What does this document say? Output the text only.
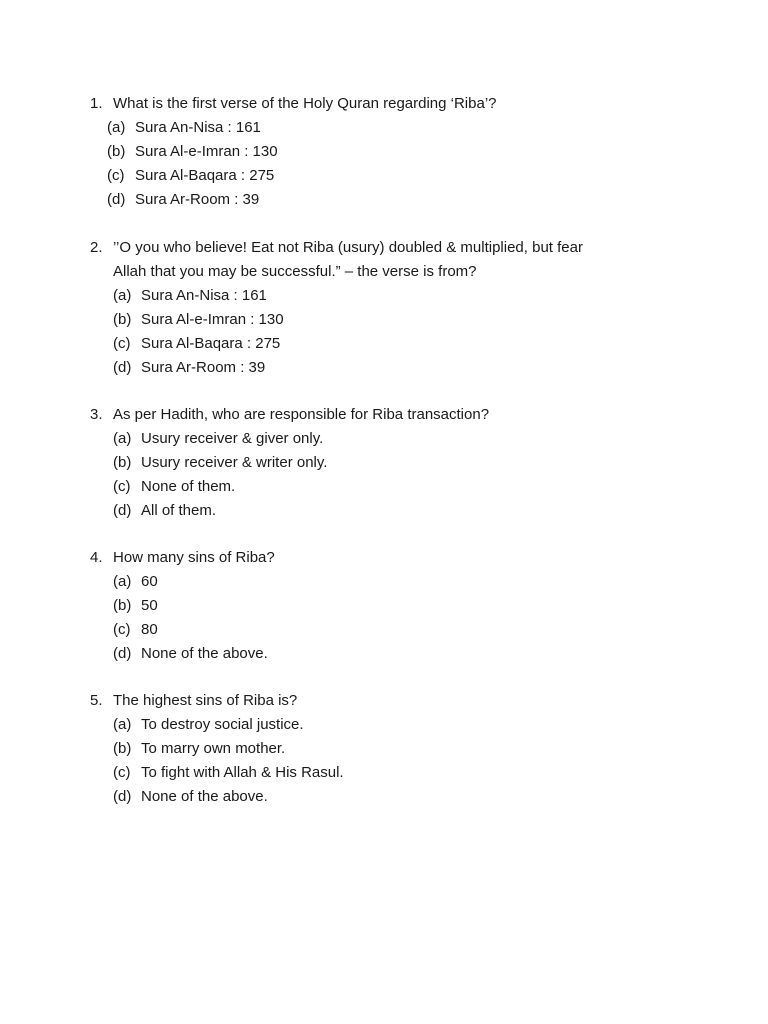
1. What is the first verse of the Holy Quran regarding ‘Riba’?
(a) Sura An-Nisa : 161
(b) Sura Al-e-Imran : 130
(c) Sura Al-Baqara : 275
(d) Sura Ar-Room : 39
2. ’’O you who believe! Eat not Riba (usury) doubled & multiplied, but fear
Allah that you may be successful.” – the verse is from?
(a) Sura An-Nisa : 161
(b) Sura Al-e-Imran : 130
(c) Sura Al-Baqara : 275
(d) Sura Ar-Room : 39
3. As per Hadith, who are responsible for Riba transaction?
(a) Usury receiver & giver only.
(b) Usury receiver & writer only.
(c) None of them.
(d) All of them.
4. How many sins of Riba?
(a) 60
(b) 50
(c) 80
(d) None of the above.
5. The highest sins of Riba is?
(a) To destroy social justice.
(b) To marry own mother.
(c) To fight with Allah & His Rasul.
(d) None of the above.
